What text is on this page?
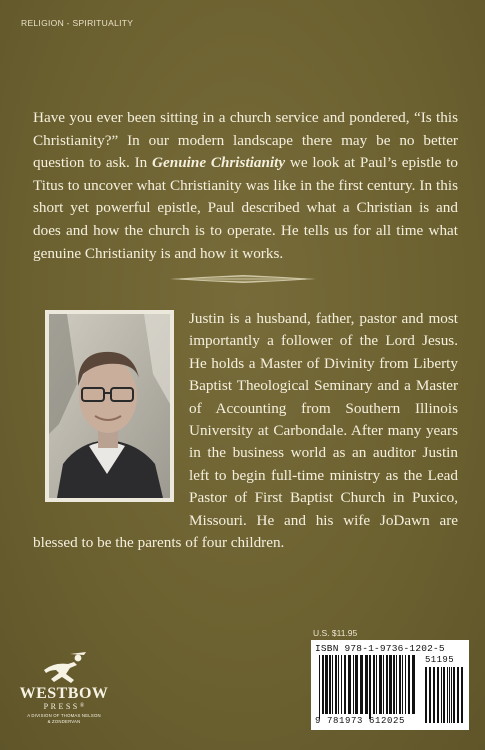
RELIGION - SPIRITUALITY
Have you ever been sitting in a church service and pondered, “Is this Christianity?” In our modern landscape there may be no better question to ask. In Genuine Christianity we look at Paul’s epistle to Titus to uncover what Christianity was like in the first century. In this short yet powerful epistle, Paul described what a Christian is and does and how the church is to operate. He tells us for all time what genuine Christianity is and how it works.
Justin is a husband, father, pastor and most importantly a follower of the Lord Jesus. He holds a Master of Divinity from Liberty Baptist Theological Seminary and a Master of Accounting from Southern Illinois University at Carbondale. After many years in the business world as an auditor Justin left to begin full-time ministry as the Lead Pastor of First Baptist Church in Puxico, Missouri. He and his wife JoDawn are blessed to be the parents of four children.
WESTBOW
PRESS®
A DIVISION OF THOMAS NELSON
& ZONDERVAN
U.S. $11.95
ISBN 978-1-9736-1202-5
51195
9 781973 612025
